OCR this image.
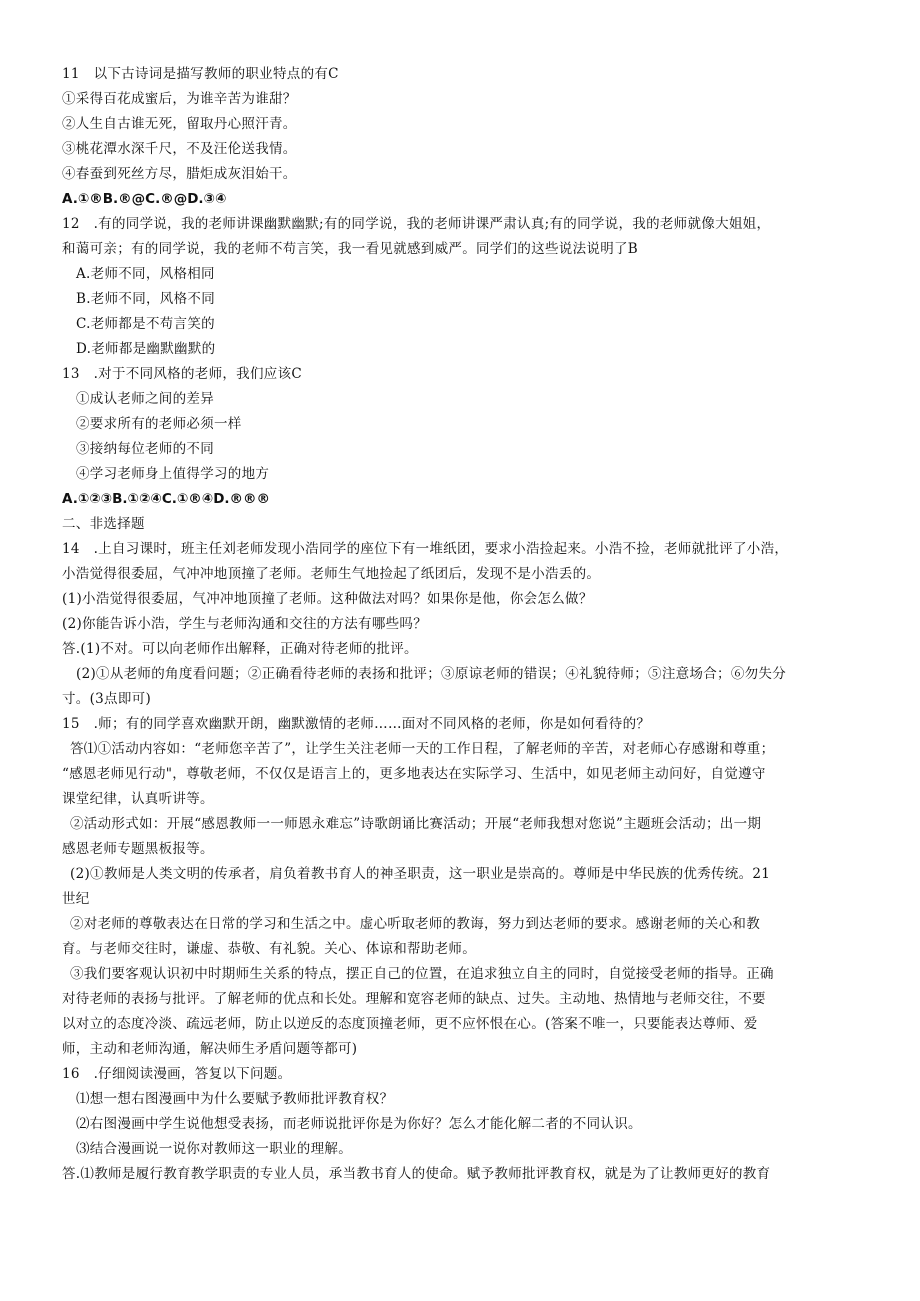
11　以下古诗词是描写教师的职业特点的有C
①采得百花成蜜后，为谁辛苦为谁甜？
②人生自古谁无死，留取丹心照汗青。
③桃花潭水深千尺，不及汪伦送我情。
④春蚕到死丝方尽，腊炬成灰泪始干。
A.①®B.®@C.®@D.③④
12　.有的同学说，我的老师讲课幽默幽默;有的同学说，我的老师讲课严肃认真;有的同学说，我的老师就像大姐姐，
和蔼可亲；有的同学说，我的老师不苟言笑，我一看见就感到威严。同学们的这些说法说明了B
A.老师不同，风格相同
B.老师不同，风格不同
C.老师都是不苟言笑的
D.老师都是幽默幽默的
13　.对于不同风格的老师，我们应该C
①成认老师之间的差异
②要求所有的老师必须一样
③接纳每位老师的不同
④学习老师身上值得学习的地方
A.①②③B.①②④C.①®④D.®®®
二、非选择题
14　.上自习课时，班主任刘老师发现小浩同学的座位下有一堆纸团，要求小浩捡起来。小浩不捡，老师就批评了小浩，
小浩觉得很委屈，气冲冲地顶撞了老师。老师生气地捡起了纸团后，发现不是小浩丢的。
(1)小浩觉得很委屈，气冲冲地顶撞了老师。这种做法对吗？如果你是他，你会怎么做？
(2)你能告诉小浩，学生与老师沟通和交往的方法有哪些吗？
答.(1)不对。可以向老师作出解释，正确对待老师的批评。
(2)①从老师的角度看问题；②正确看待老师的表扬和批评；③原谅老师的错误；④礼貌待师；⑤注意场合；⑥勿失分
寸。(3点即可)
15　.师；有的同学喜欢幽默开朗，幽默激情的老师……面对不同风格的老师，你是如何看待的？
答⑴①活动内容如：“老师您辛苦了”，让学生关注老师一天的工作日程，了解老师的辛苦，对老师心存感谢和尊重；
“感恩老师见行动"，尊敬老师，不仅仅是语言上的，更多地表达在实际学习、生活中，如见老师主动问好，自觉遵守
课堂纪律，认真听讲等。
②活动形式如：开展“感恩教师一一师恩永难忘”诗歌朗诵比赛活动；开展“老师我想对您说”主题班会活动；出一期
感恩老师专题黑板报等。
(2)①教师是人类文明的传承者，肩负着教书育人的神圣职责，这一职业是崇高的。尊师是中华民族的优秀传统。21
世纪
②对老师的尊敬表达在日常的学习和生活之中。虚心听取老师的教诲，努力到达老师的要求。感谢老师的关心和教
育。与老师交往时，谦虚、恭敬、有礼貌。关心、体谅和帮助老师。
③我们要客观认识初中时期师生关系的特点，摆正自己的位置，在追求独立自主的同时，自觉接受老师的指导。正确
对待老师的表扬与批评。了解老师的优点和长处。理解和宽容老师的缺点、过失。主动地、热情地与老师交往，不要
以对立的态度冷淡、疏远老师，防止以逆反的态度顶撞老师，更不应怀恨在心。(答案不唯一，只要能表达尊师、爱
师，主动和老师沟通，解决师生矛盾问题等都可)
16　.仔细阅读漫画，答复以下问题。
⑴想一想右图漫画中为什么要赋予教师批评教育权？
⑵右图漫画中学生说他想受表扬，而老师说批评你是为你好？怎么才能化解二者的不同认识。
⑶结合漫画说一说你对教师这一职业的理解。
答.⑴教师是履行教育教学职责的专业人员，承当教书育人的使命。赋予教师批评教育权，就是为了让教师更好的教育
